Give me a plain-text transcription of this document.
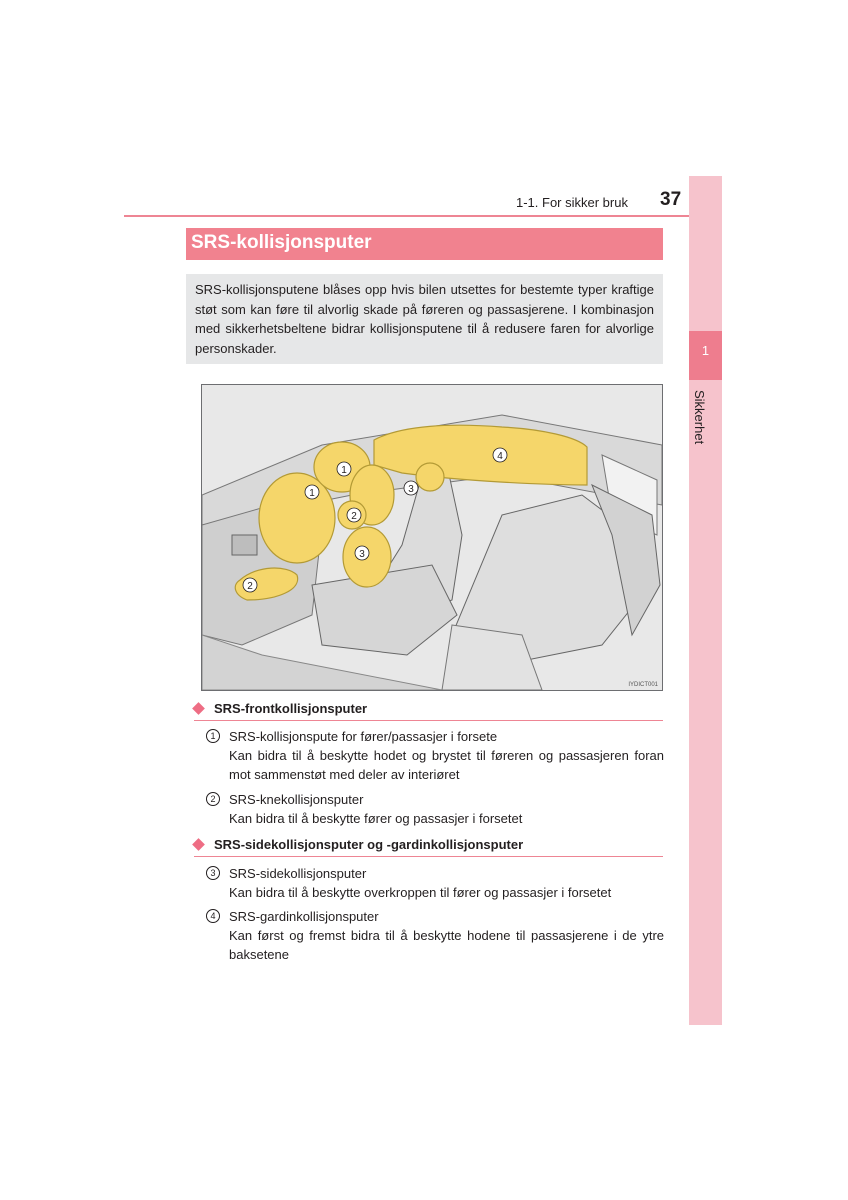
1-1. For sikker bruk 37
1
Sikkerhet
SRS-kollisjonsputer
SRS-kollisjonsputene blåses opp hvis bilen utsettes for bestemte typer kraftige støt som kan føre til alvorlig skade på føreren og passasjerene. I kombinasjon med sikkerhetsbeltene bidrar kollisjonsputene til å redusere faren for alvorlige personskader.
1
1
2
2
3
3
4
IYDICT001
SRS-frontkollisjonsputer
1	SRS-kollisjonspute for fører/passasjer i forsete
Kan bidra til å beskytte hodet og brystet til føreren og passasjeren foran mot sammenstøt med deler av interiøret
2	SRS-knekollisjonsputer
Kan bidra til å beskytte fører og passasjer i forsetet
SRS-sidekollisjonsputer og -gardinkollisjonsputer
3	SRS-sidekollisjonsputer
Kan bidra til å beskytte overkroppen til fører og passasjer i forsetet
4	SRS-gardinkollisjonsputer
Kan først og fremst bidra til å beskytte hodene til passasjerene i de ytre baksetene
